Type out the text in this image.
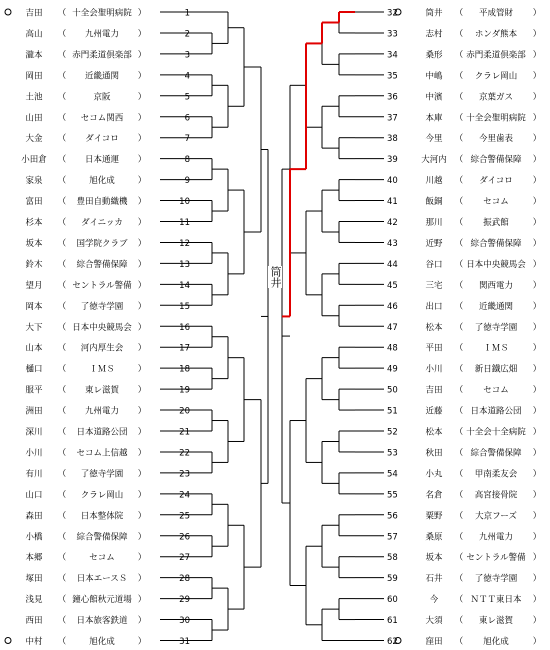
吉田 （ 十全会聖明病院 ）	1
高山 （ 九州電力 ）	2
瀧本 （ 赤門柔道倶楽部 ）	3
岡田 （ 近畿通関 ）	4
土池 （	京阪	）	5
山田 （ セコム関西 ）	6
大金 （ ダイコロ ）	7
小田倉 （ 日本通運 ）	8
家泉 （	旭化成	）	9
富田 （ 豊田自動織機 ）	10
杉本 （ ダイニッカ ）	11
坂本 （ 国学院クラブ ）	12
鈴木 （ 綜合警備保障 ）	13
望月 （ セントラル警備 ）	14
岡本 （ 了徳寺学園 ）	15
大下 （ 日本中央競馬会 ）	16
山本 （ 河内厚生会 ）	17
樋口 （	ＩＭＳ	）	18
服平 （ 東レ滋賀 ）	19
洲田 （ 九州電力 ）	20
深川 （ 日本道路公団 ）	21
小川 （ セコム上信越 ）	22
有川 （ 了徳寺学園 ）	23
山口 （ クラレ岡山 ）	24
森田 （ 日本整体院 ）	25
小橋 （ 綜合警備保障 ）	26
本郷 （	セコム	）	27
塚田 （ 日本エースＳ ）	28
浅見 （ 鐘心館秋元道場 ）	29
西田 （ 日本旅客鉄道 ）	30
中村 （	旭化成	）	31
32	筒井 （ 平成管財 ）
33	志村 （ ホンダ熊本 ）
34	桑形 （ 赤門柔道倶楽部 ）
35	中嶋 （ クラレ岡山 ）
36	中濱 （ 京葉ガス ）
37	本庫 （ 十全会聖明病院 ）
38	今里 （ 今里歯表 ）
39	大河内 （ 綜合警備保障 ）
40	川越 （ ダイコロ ）
41	飯銅 （ セコム	）
42	那川 （ 振武館	）
43	近野 （ 綜合警備保障 ）
44	谷口 （ 日本中央競馬会 ）
45	三宅 （ 関西電力 ）
46	出口 （ 近畿通関 ）
47	松本 （ 了徳寺学園 ）
48	平田 （ ＩＭＳ	）
49	小川 （ 新日鐵広畑 ）
50	吉田 （ セコム	）
51	近藤 （ 日本道路公団 ）
52	松本 （ 十全会十全病院 ）
53	秋田 （ 綜合警備保障 ）
54	小丸 （ 甲南柔友会 ）
55	名倉 （ 高宮接骨院 ）
56	粟野 （ 大京フーズ ）
57	桑原 （ 九州電力 ）
58	坂本 （ セントラル警備 ）
59	石井 （ 了徳寺学園 ）
60	今 （ ＮＴＴ東日本 ）
61	大須 （ 東レ滋賀 ）
62	窪田 （ 旭化成	）
筒井
